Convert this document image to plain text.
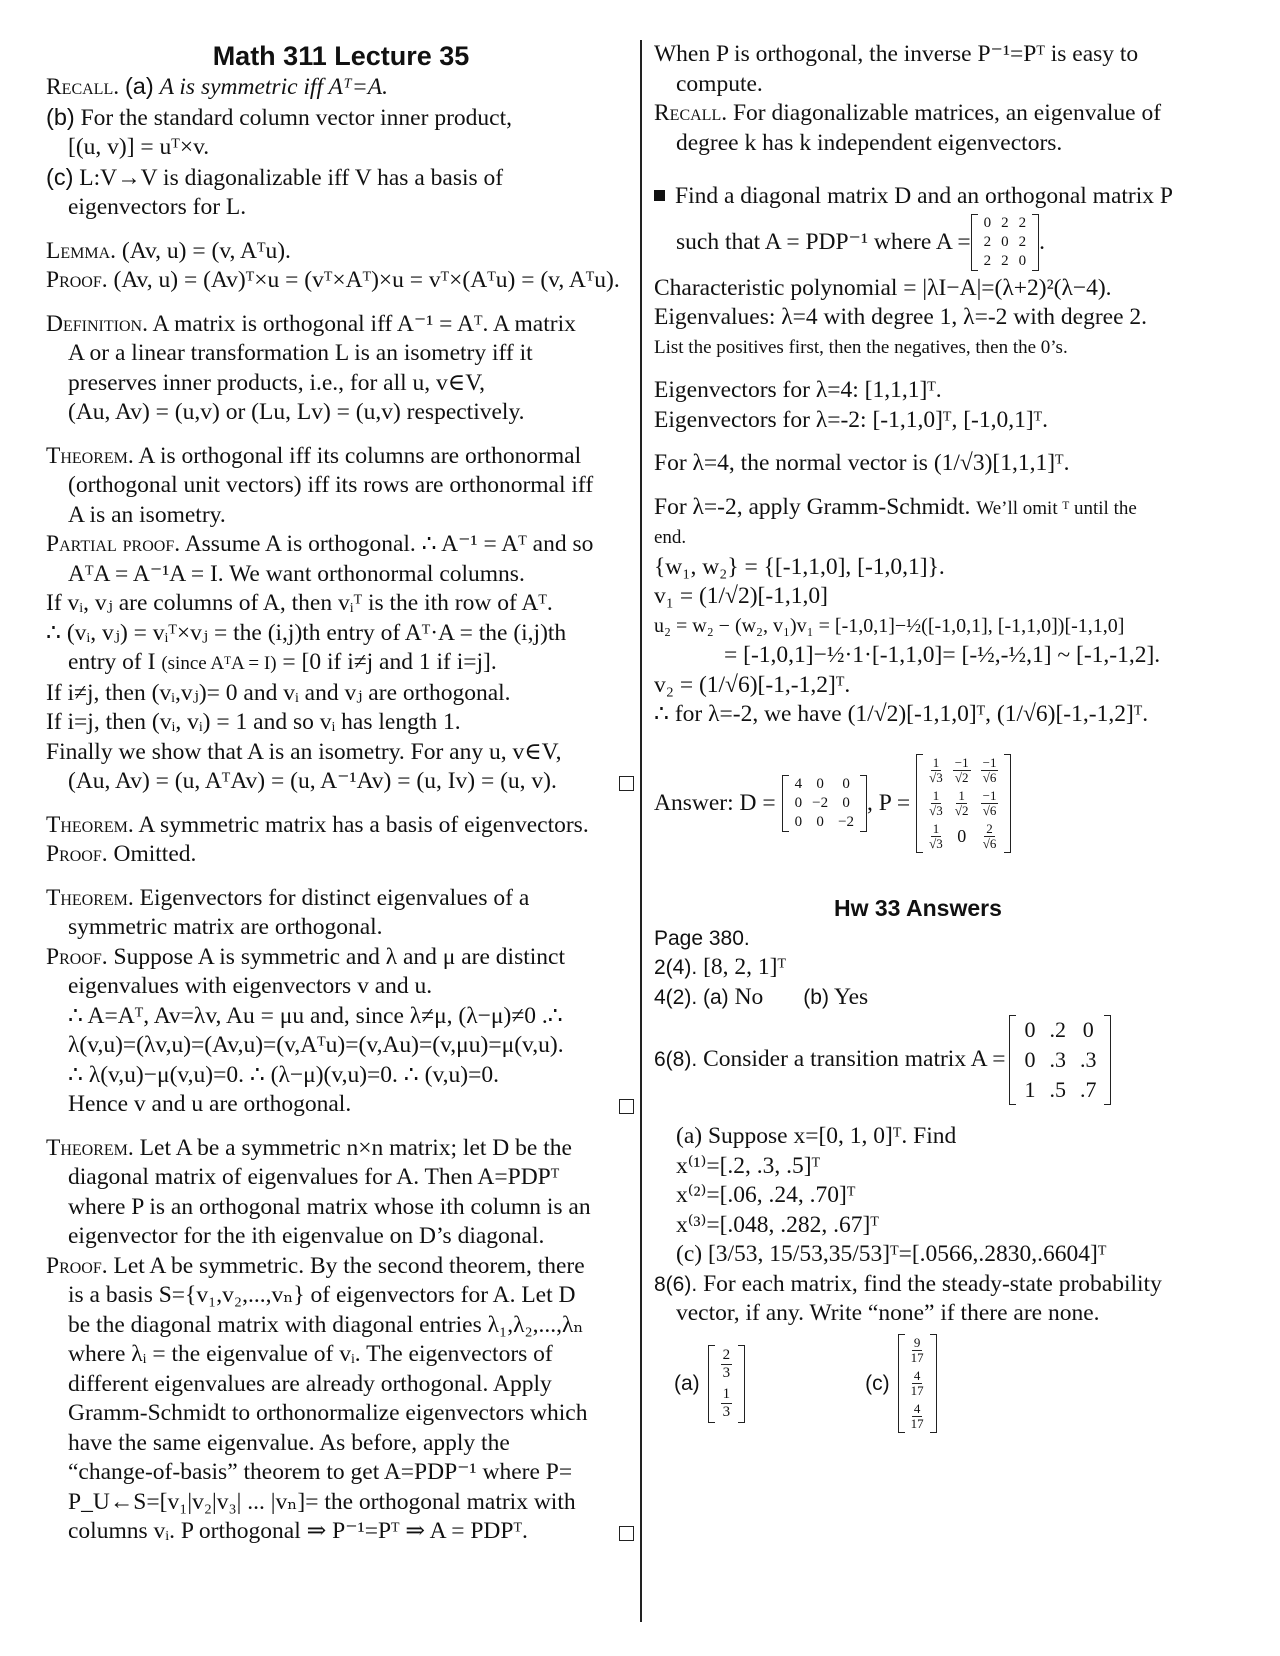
Math 311 Lecture 35
Recall. (a) A is symmetric iff Aᵀ=A.
(b) For the standard column vector inner product,
[(u, v)] = uᵀ×v.
(c) L:V→V is diagonalizable iff V has a basis of
eigenvectors for L.
Lemma. (Av, u) = (v, Aᵀu).
Proof. (Av, u) = (Av)ᵀ×u = (vᵀ×Aᵀ)×u = vᵀ×(Aᵀu) = (v, Aᵀu).
Definition. A matrix is orthogonal iff A⁻¹ = Aᵀ. A matrix
A or a linear transformation L is an isometry iff it
preserves inner products, i.e., for all u, v∈V,
(Au, Av) = (u,v) or (Lu, Lv) = (u,v) respectively.
Theorem. A is orthogonal iff its columns are orthonormal
(orthogonal unit vectors) iff its rows are orthonormal iff
A is an isometry.
Partial proof. Assume A is orthogonal. ∴ A⁻¹ = Aᵀ and so
AᵀA = A⁻¹A = I. We want orthonormal columns.
If vᵢ, vⱼ are columns of A, then vᵢᵀ is the ith row of Aᵀ.
∴ (vᵢ, vⱼ) = vᵢᵀ×vⱼ = the (i,j)th entry of Aᵀ·A = the (i,j)th
entry of I (since AᵀA = I) = [0 if i≠j and 1 if i=j].
If i≠j, then (vᵢ,vⱼ)= 0 and vᵢ and vⱼ are orthogonal.
If i=j, then (vᵢ, vᵢ) = 1 and so vᵢ has length 1.
Finally we show that A is an isometry. For any u, v∈V,
(Au, Av) = (u, AᵀAv) = (u, A⁻¹Av) = (u, Iv) = (u, v).
Theorem. A symmetric matrix has a basis of eigenvectors.
Proof. Omitted.
Theorem. Eigenvectors for distinct eigenvalues of a
symmetric matrix are orthogonal.
Proof. Suppose A is symmetric and λ and μ are distinct
eigenvalues with eigenvectors v and u.
∴ A=Aᵀ, Av=λv, Au = μu and, since λ≠μ, (λ−μ)≠0 .∴
λ(v,u)=(λv,u)=(Av,u)=(v,Aᵀu)=(v,Au)=(v,μu)=μ(v,u).
∴ λ(v,u)−μ(v,u)=0. ∴ (λ−μ)(v,u)=0. ∴ (v,u)=0.
Hence v and u are orthogonal.
Theorem. Let A be a symmetric n×n matrix; let D be the
diagonal matrix of eigenvalues for A. Then A=PDPᵀ
where P is an orthogonal matrix whose ith column is an
eigenvector for the ith eigenvalue on D’s diagonal.
Proof. Let A be symmetric. By the second theorem, there
is a basis S={v₁,v₂,...,vₙ} of eigenvectors for A. Let D
be the diagonal matrix with diagonal entries λ₁,λ₂,...,λₙ
where λᵢ = the eigenvalue of vᵢ. The eigenvectors of
different eigenvalues are already orthogonal. Apply
Gramm-Schmidt to orthonormalize eigenvectors which
have the same eigenvalue. As before, apply the
“change-of-basis” theorem to get A=PDP⁻¹ where P=
P_U←S=[v₁|v₂|v₃| ... |vₙ]= the orthogonal matrix with
columns vᵢ. P orthogonal ⇒ P⁻¹=Pᵀ ⇒ A = PDPᵀ.
When P is orthogonal, the inverse P⁻¹=Pᵀ is easy to
compute.
Recall. For diagonalizable matrices, an eigenvalue of
degree k has k independent eigenvectors.
Find a diagonal matrix D and an orthogonal matrix P
such that A = PDP⁻¹ where A =
0	2	2
2	0	2
2	2	0
.
Characteristic polynomial = |λI−A|=(λ+2)²(λ−4).
Eigenvalues: λ=4 with degree 1, λ=-2 with degree 2.
List the positives first, then the negatives, then the 0’s.
Eigenvectors for λ=4: [1,1,1]ᵀ.
Eigenvectors for λ=-2: [-1,1,0]ᵀ, [-1,0,1]ᵀ.
For λ=4, the normal vector is (1/√3)[1,1,1]ᵀ.
For λ=-2, apply Gramm-Schmidt. We’ll omit ᵀ until the
end.
{w₁, w₂} = {[-1,1,0], [-1,0,1]}.
v₁ = (1/√2)[-1,1,0]
u₂ = w₂ − (w₂, v₁)v₁ = [-1,0,1]−½([-1,0,1], [-1,1,0])[-1,1,0]
= [-1,0,1]−½·1·[-1,1,0]= [-½,-½,1] ~ [-1,-1,2].
v₂ = (1/√6)[-1,-1,2]ᵀ.
∴ for λ=-2, we have (1/√2)[-1,1,0]ᵀ, (1/√6)[-1,-1,2]ᵀ.
Answer: D =
4	0	0
0	−2	0
0	0	−2
, P =
$\frac{1}{√3}$	$\frac{-1}{√2}$	$\frac{-1}{√6}$

$\frac{1}{√3}$	$\frac{1}{√2}$	$\frac{-1}{√6}$

$\frac{1}{√3}$	0	$\frac{2}{√6}$
Hw 33 Answers
Page 380.
2(4). [8, 2, 1]ᵀ
4(2). (a) No (b) Yes
6(8). Consider a transition matrix A =
0	.2	0
0	.3	.3
1	.5	.7
(a) Suppose x=[0, 1, 0]ᵀ. Find
x⁽¹⁾=[.2, .3, .5]ᵀ
x⁽²⁾=[.06, .24, .70]ᵀ
x⁽³⁾=[.048, .282, .67]ᵀ
(c) [3/53, 15/53,35/53]ᵀ=[.0566,.2830,.6604]ᵀ
8(6). For each matrix, find the steady-state probability
vector, if any. Write “none” if there are none.
(a)
$\frac{2}{3}$

$\frac{1}{3}$
(c)
$\frac{9}{17}$

$\frac{4}{17}$

$\frac{4}{17}$
